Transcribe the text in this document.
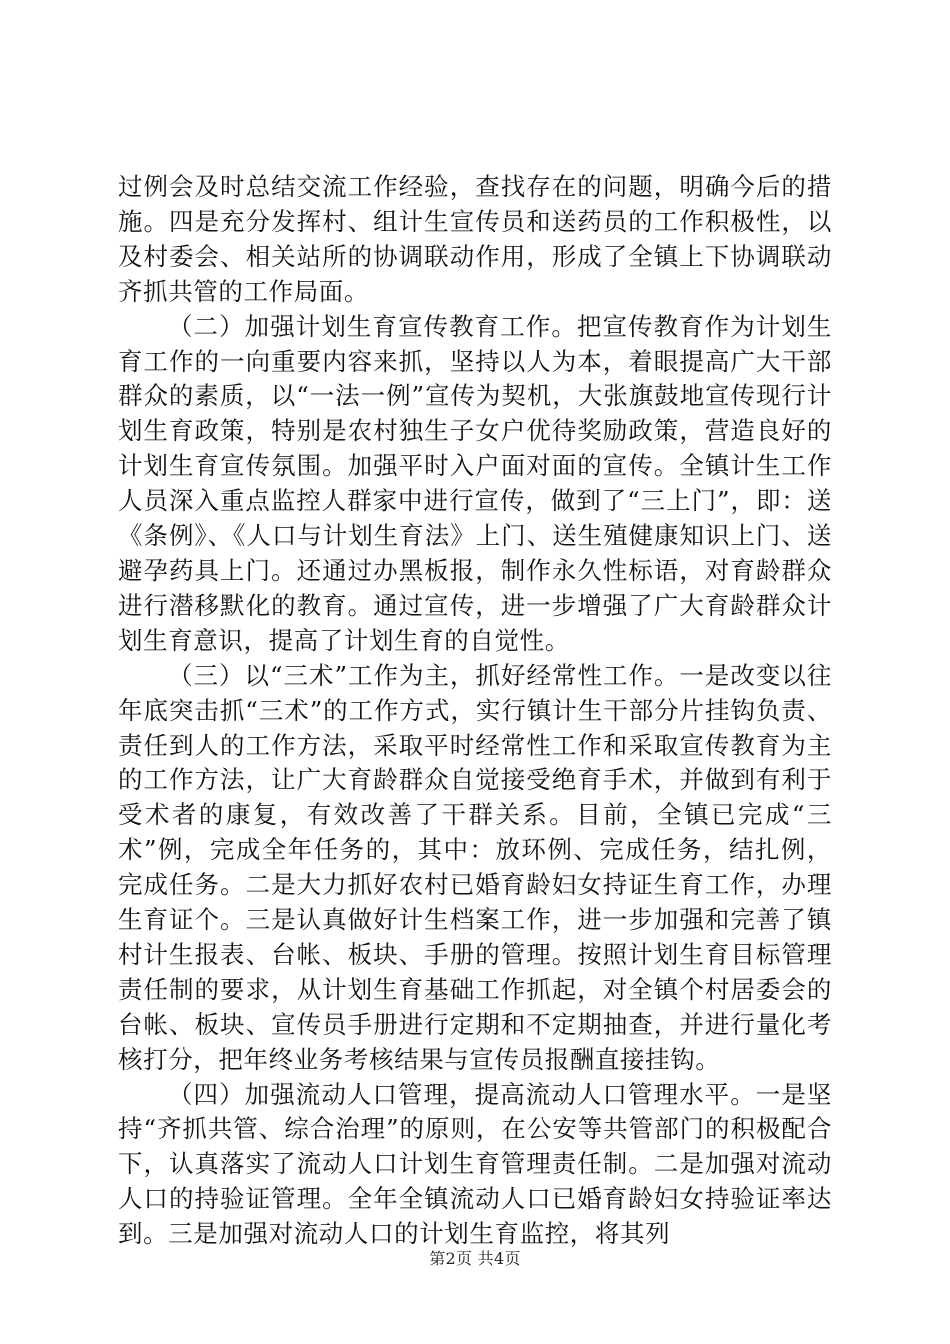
过例会及时总结交流工作经验，查找存在的问题，明确今后的措施。四是充分发挥村、组计生宣传员和送药员的工作积极性，以及村委会、相关站所的协调联动作用，形成了全镇上下协调联动齐抓共管的工作局面。

（二）加强计划生育宣传教育工作。把宣传教育作为计划生育工作的一向重要内容来抓，坚持以人为本，着眼提高广大干部群众的素质，以“一法一例”宣传为契机，大张旗鼓地宣传现行计划生育政策，特别是农村独生子女户优待奖励政策，营造良好的计划生育宣传氛围。加强平时入户面对面的宣传。全镇计生工作人员深入重点监控人群家中进行宣传，做到了“三上门”，即：送《条例》、《人口与计划生育法》上门、送生殖健康知识上门、送避孕药具上门。还通过办黑板报，制作永久性标语，对育龄群众进行潜移默化的教育。通过宣传，进一步增强了广大育龄群众计划生育意识，提高了计划生育的自觉性。

（三）以“三术”工作为主，抓好经常性工作。一是改变以往年底突击抓“三术”的工作方式，实行镇计生干部分片挂钩负责、责任到人的工作方法，采取平时经常性工作和采取宣传教育为主的工作方法，让广大育龄群众自觉接受绝育手术，并做到有利于受术者的康复，有效改善了干群关系。目前，全镇已完成“三术”例，完成全年任务的，其中：放环例、完成任务，结扎例，完成任务。二是大力抓好农村已婚育龄妇女持证生育工作，办理生育证个。三是认真做好计生档案工作，进一步加强和完善了镇村计生报表、台帐、板块、手册的管理。按照计划生育目标管理责任制的要求，从计划生育基础工作抓起，对全镇个村居委会的台帐、板块、宣传员手册进行定期和不定期抽查，并进行量化考核打分，把年终业务考核结果与宣传员报酬直接挂钩。

（四）加强流动人口管理，提高流动人口管理水平。一是坚持“齐抓共管、综合治理”的原则，在公安等共管部门的积极配合下，认真落实了流动人口计划生育管理责任制。二是加强对流动人口的持验证管理。全年全镇流动人口已婚育龄妇女持验证率达到。三是加强对流动人口的计划生育监控，将其列

第2页 共4页
